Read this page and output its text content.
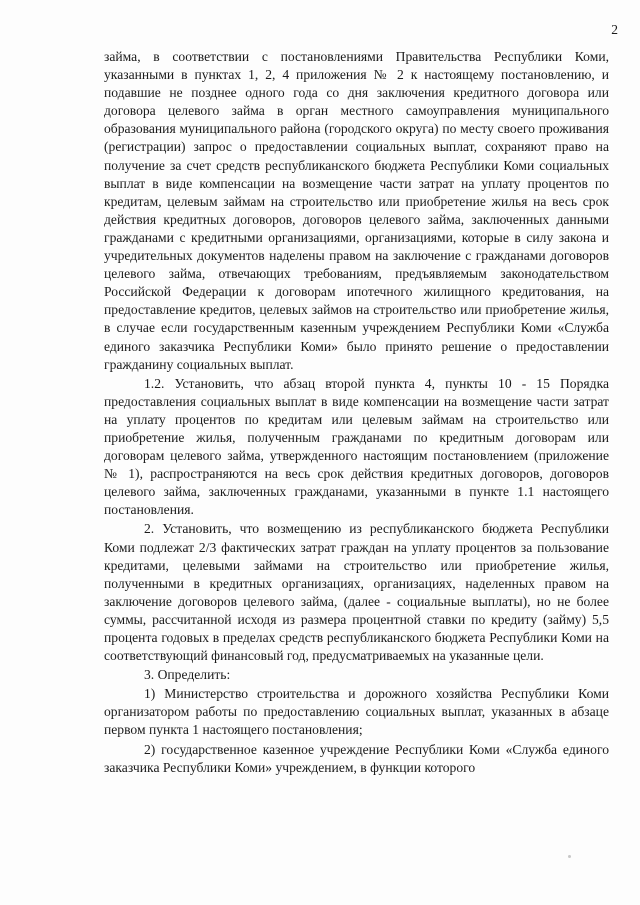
2

займа, в соответствии с постановлениями Правительства Республики Коми, указанными в пунктах 1, 2, 4 приложения № 2 к настоящему постановлению, и подавшие не позднее одного года со дня заключения кредитного договора или договора целевого займа в орган местного самоуправления муниципального образования муниципального района (городского округа) по месту своего проживания (регистрации) запрос о предоставлении социальных выплат, сохраняют право на получение за счет средств республиканского бюджета Республики Коми социальных выплат в виде компенсации на возмещение части затрат на уплату процентов по кредитам, целевым займам на строительство или приобретение жилья на весь срок действия кредитных договоров, договоров целевого займа, заключенных данными гражданами с кредитными организациями, организациями, которые в силу закона и учредительных документов наделены правом на заключение с гражданами договоров целевого займа, отвечающих требованиям, предъявляемым законодательством Российской Федерации к договорам ипотечного жилищного кредитования, на предоставление кредитов, целевых займов на строительство или приобретение жилья, в случае если государственным казенным учреждением Республики Коми «Служба единого заказчика Республики Коми» было принято решение о предоставлении гражданину социальных выплат.

1.2. Установить, что абзац второй пункта 4, пункты 10 - 15 Порядка предоставления социальных выплат в виде компенсации на возмещение части затрат на уплату процентов по кредитам или целевым займам на строительство или приобретение жилья, полученным гражданами по кредитным договорам или договорам целевого займа, утвержденного настоящим постановлением (приложение № 1), распространяются на весь срок действия кредитных договоров, договоров целевого займа, заключенных гражданами, указанными в пункте 1.1 настоящего постановления.

2. Установить, что возмещению из республиканского бюджета Республики Коми подлежат 2/3 фактических затрат граждан на уплату процентов за пользование кредитами, целевыми займами на строительство или приобретение жилья, полученными в кредитных организациях, организациях, наделенных правом на заключение договоров целевого займа, (далее - социальные выплаты), но не более суммы, рассчитанной исходя из размера процентной ставки по кредиту (займу) 5,5 процента годовых в пределах средств республиканского бюджета Республики Коми на соответствующий финансовый год, предусматриваемых на указанные цели.

3. Определить:

1) Министерство строительства и дорожного хозяйства Республики Коми организатором работы по предоставлению социальных выплат, указанных в абзаце первом пункта 1 настоящего постановления;

2) государственное казенное учреждение Республики Коми «Служба единого заказчика Республики Коми» учреждением, в функции которого
